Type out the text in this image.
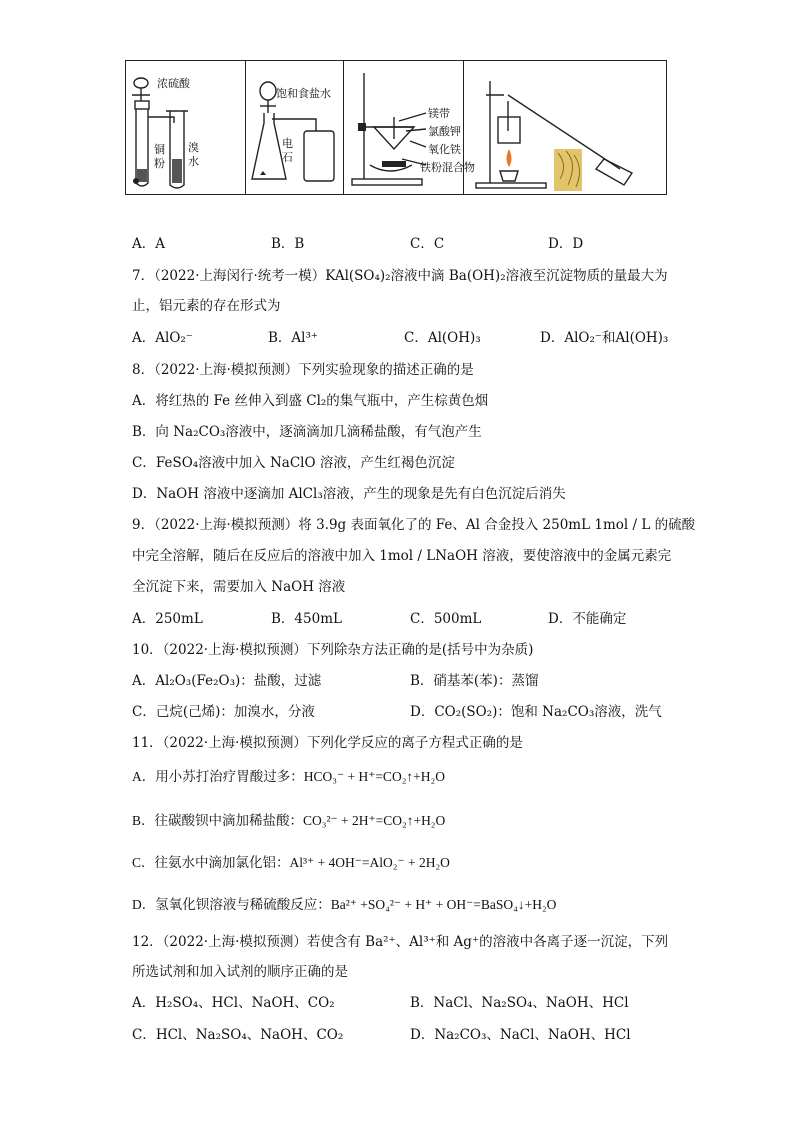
浓硫酸
铜
粉
溴
水
饱和食盐水
电
石
镁带
氯酸钾
氧化铁
铁粉混合物
A．A	B．B	C．C	D．D
7．（2022·上海闵行·统考一模）KAl(SO₄)₂溶液中滴 Ba(OH)₂溶液至沉淀物质的量最大为
止，铝元素的存在形式为
A．AlO₂⁻	B．Al³⁺	C．Al(OH)₃	D．AlO₂⁻和Al(OH)₃
8．（2022·上海·模拟预测）下列实验现象的描述正确的是
A．将红热的 Fe 丝伸入到盛 Cl₂的集气瓶中，产生棕黄色烟
B．向 Na₂CO₃溶液中，逐滴滴加几滴稀盐酸，有气泡产生
C．FeSO₄溶液中加入 NaClO 溶液，产生红褐色沉淀
D．NaOH 溶液中逐滴加 AlCl₃溶液，产生的现象是先有白色沉淀后消失
9．（2022·上海·模拟预测）将 3.9g 表面氧化了的 Fe、Al 合金投入 250mL 1mol / L 的硫酸
中完全溶解，随后在反应后的溶液中加入 1mol / LNaOH 溶液，要使溶液中的金属元素完
全沉淀下来，需要加入 NaOH 溶液
A．250mL	B．450mL	C．500mL	D．不能确定
10．（2022·上海·模拟预测）下列除杂方法正确的是(括号中为杂质)
A．Al₂O₃(Fe₂O₃)：盐酸，过滤	B．硝基苯(苯)：蒸馏
C．己烷(己烯)：加溴水，分液	D．CO₂(SO₂)：饱和 Na₂CO₃溶液，洗气
11．（2022·上海·模拟预测）下列化学反应的离子方程式正确的是
A．用小苏打治疗胃酸过多：HCO₃⁻ + H⁺=CO₂↑+H₂O
B．往碳酸钡中滴加稀盐酸：CO₃²⁻ + 2H⁺=CO₂↑+H₂O
C．往氨水中滴加氯化铝：Al³⁺ + 4OH⁻=AlO₂⁻ + 2H₂O
D．氢氧化钡溶液与稀硫酸反应：Ba²⁺ +SO₄²⁻ + H⁺ + OH⁻=BaSO₄↓+H₂O
12．（2022·上海·模拟预测）若使含有 Ba²⁺、Al³⁺和 Ag⁺的溶液中各离子逐一沉淀，下列
所选试剂和加入试剂的顺序正确的是
A．H₂SO₄、HCl、NaOH、CO₂	B．NaCl、Na₂SO₄、NaOH、HCl
C．HCl、Na₂SO₄、NaOH、CO₂	D．Na₂CO₃、NaCl、NaOH、HCl
